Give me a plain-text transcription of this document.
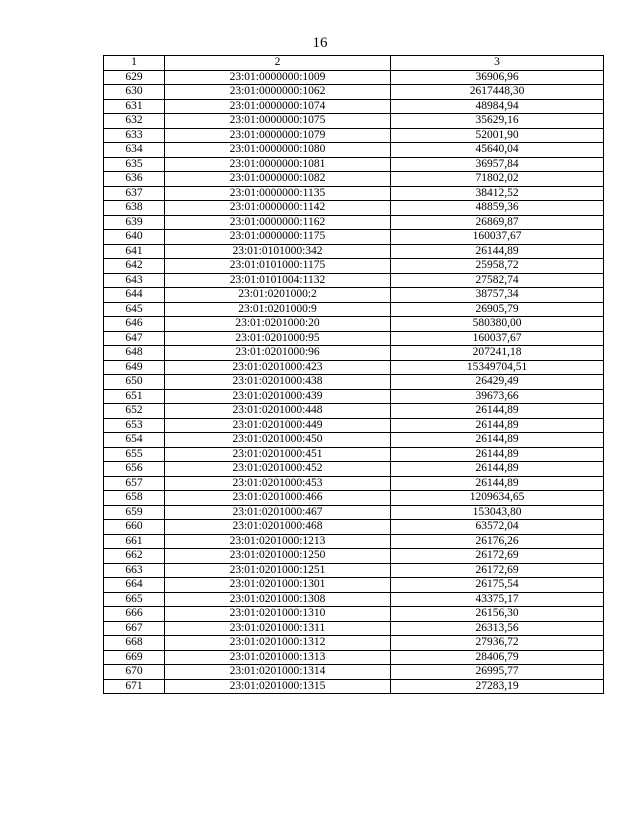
16
1	2	3
629	23:01:0000000:1009	36906,96
630	23:01:0000000:1062	2617448,30
631	23:01:0000000:1074	48984,94
632	23:01:0000000:1075	35629,16
633	23:01:0000000:1079	52001,90
634	23:01:0000000:1080	45640,04
635	23:01:0000000:1081	36957,84
636	23:01:0000000:1082	71802,02
637	23:01:0000000:1135	38412,52
638	23:01:0000000:1142	48859,36
639	23:01:0000000:1162	26869,87
640	23:01:0000000:1175	160037,67
641	23:01:0101000:342	26144,89
642	23:01:0101000:1175	25958,72
643	23:01:0101004:1132	27582,74
644	23:01:0201000:2	38757,34
645	23:01:0201000:9	26905,79
646	23:01:0201000:20	580380,00
647	23:01:0201000:95	160037,67
648	23:01:0201000:96	207241,18
649	23:01:0201000:423	15349704,51
650	23:01:0201000:438	26429,49
651	23:01:0201000:439	39673,66
652	23:01:0201000:448	26144,89
653	23:01:0201000:449	26144,89
654	23:01:0201000:450	26144,89
655	23:01:0201000:451	26144,89
656	23:01:0201000:452	26144,89
657	23:01:0201000:453	26144,89
658	23:01:0201000:466	1209634,65
659	23:01:0201000:467	153043,80
660	23:01:0201000:468	63572,04
661	23:01:0201000:1213	26176,26
662	23:01:0201000:1250	26172,69
663	23:01:0201000:1251	26172,69
664	23:01:0201000:1301	26175,54
665	23:01:0201000:1308	43375,17
666	23:01:0201000:1310	26156,30
667	23:01:0201000:1311	26313,56
668	23:01:0201000:1312	27936,72
669	23:01:0201000:1313	28406,79
670	23:01:0201000:1314	26995,77
671	23:01:0201000:1315	27283,19
